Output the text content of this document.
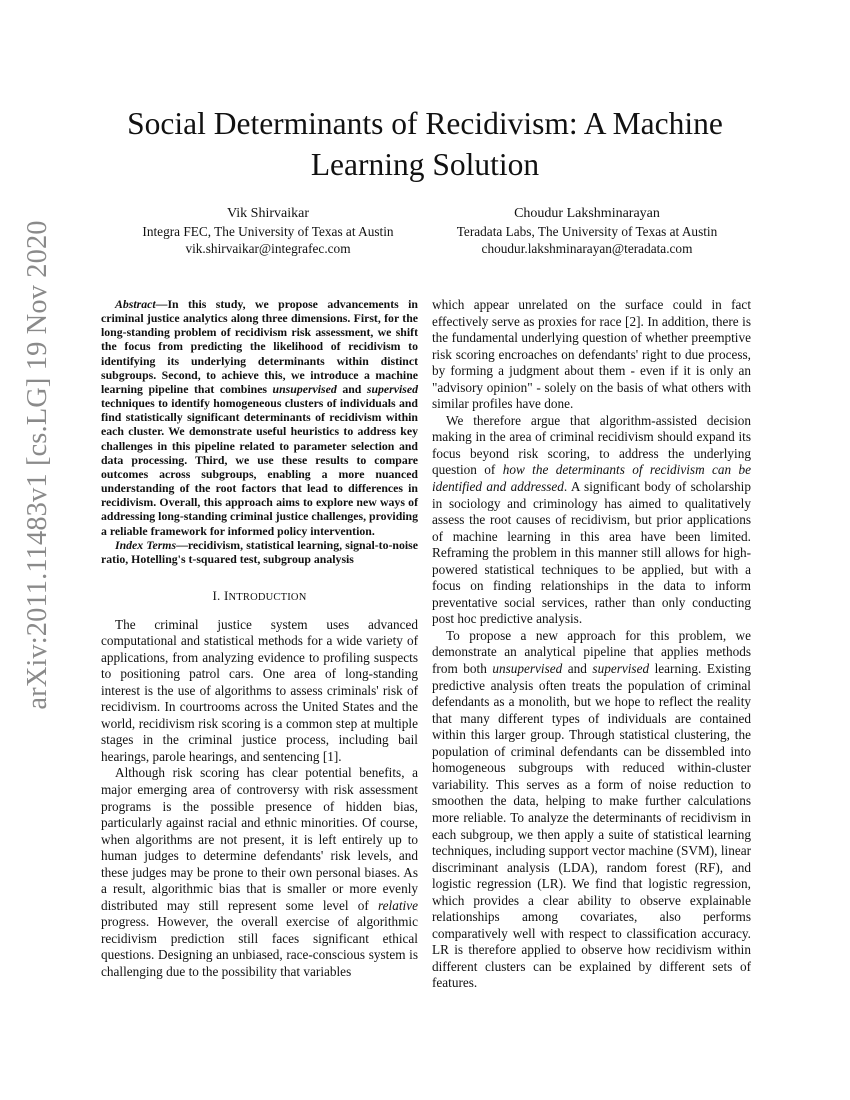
arXiv:2011.11483v1 [cs.LG] 19 Nov 2020
Social Determinants of Recidivism: A Machine Learning Solution
Vik Shirvaikar
Integra FEC, The University of Texas at Austin
vik.shirvaikar@integrafec.com
Choudur Lakshminarayan
Teradata Labs, The University of Texas at Austin
choudur.lakshminarayan@teradata.com

Abstract—In this study, we propose advancements in criminal justice analytics along three dimensions. First, for the long-standing problem of recidivism risk assessment, we shift the focus from predicting the likelihood of recidivism to identifying its underlying determinants within distinct subgroups. Second, to achieve this, we introduce a machine learning pipeline that combines unsupervised and supervised techniques to identify homogeneous clusters of individuals and find statistically significant determinants of recidivism within each cluster. We demonstrate useful heuristics to address key challenges in this pipeline related to parameter selection and data processing. Third, we use these results to compare outcomes across subgroups, enabling a more nuanced understanding of the root factors that lead to differences in recidivism. Overall, this approach aims to explore new ways of addressing long-standing criminal justice challenges, providing a reliable framework for informed policy intervention.

Index Terms—recidivism, statistical learning, signal-to-noise ratio, Hotelling's t-squared test, subgroup analysis

I. INTRODUCTION

The criminal justice system uses advanced computational and statistical methods for a wide variety of applications, from analyzing evidence to profiling suspects to positioning patrol cars. One area of long-standing interest is the use of algorithms to assess criminals' risk of recidivism. In courtrooms across the United States and the world, recidivism risk scoring is a common step at multiple stages in the criminal justice process, including bail hearings, parole hearings, and sentencing [1].

Although risk scoring has clear potential benefits, a major emerging area of controversy with risk assessment programs is the possible presence of hidden bias, particularly against racial and ethnic minorities. Of course, when algorithms are not present, it is left entirely up to human judges to determine defendants' risk levels, and these judges may be prone to their own personal biases. As a result, algorithmic bias that is smaller or more evenly distributed may still represent some level of relative progress. However, the overall exercise of algorithmic recidivism prediction still faces significant ethical questions. Designing an unbiased, race-conscious system is challenging due to the possibility that variables

which appear unrelated on the surface could in fact effectively serve as proxies for race [2]. In addition, there is the fundamental underlying question of whether preemptive risk scoring encroaches on defendants' right to due process, by forming a judgment about them - even if it is only an "advisory opinion" - solely on the basis of what others with similar profiles have done.

We therefore argue that algorithm-assisted decision making in the area of criminal recidivism should expand its focus beyond risk scoring, to address the underlying question of how the determinants of recidivism can be identified and addressed. A significant body of scholarship in sociology and criminology has aimed to qualitatively assess the root causes of recidivism, but prior applications of machine learning in this area have been limited. Reframing the problem in this manner still allows for high-powered statistical techniques to be applied, but with a focus on finding relationships in the data to inform preventative social services, rather than only conducting post hoc predictive analysis.

To propose a new approach for this problem, we demonstrate an analytical pipeline that applies methods from both unsupervised and supervised learning. Existing predictive analysis often treats the population of criminal defendants as a monolith, but we hope to reflect the reality that many different types of individuals are contained within this larger group. Through statistical clustering, the population of criminal defendants can be dissembled into homogeneous subgroups with reduced within-cluster variability. This serves as a form of noise reduction to smoothen the data, helping to make further calculations more reliable. To analyze the determinants of recidivism in each subgroup, we then apply a suite of statistical learning techniques, including support vector machine (SVM), linear discriminant analysis (LDA), random forest (RF), and logistic regression (LR). We find that logistic regression, which provides a clear ability to observe explainable relationships among covariates, also performs comparatively well with respect to classification accuracy. LR is therefore applied to observe how recidivism within different clusters can be explained by different sets of features.
